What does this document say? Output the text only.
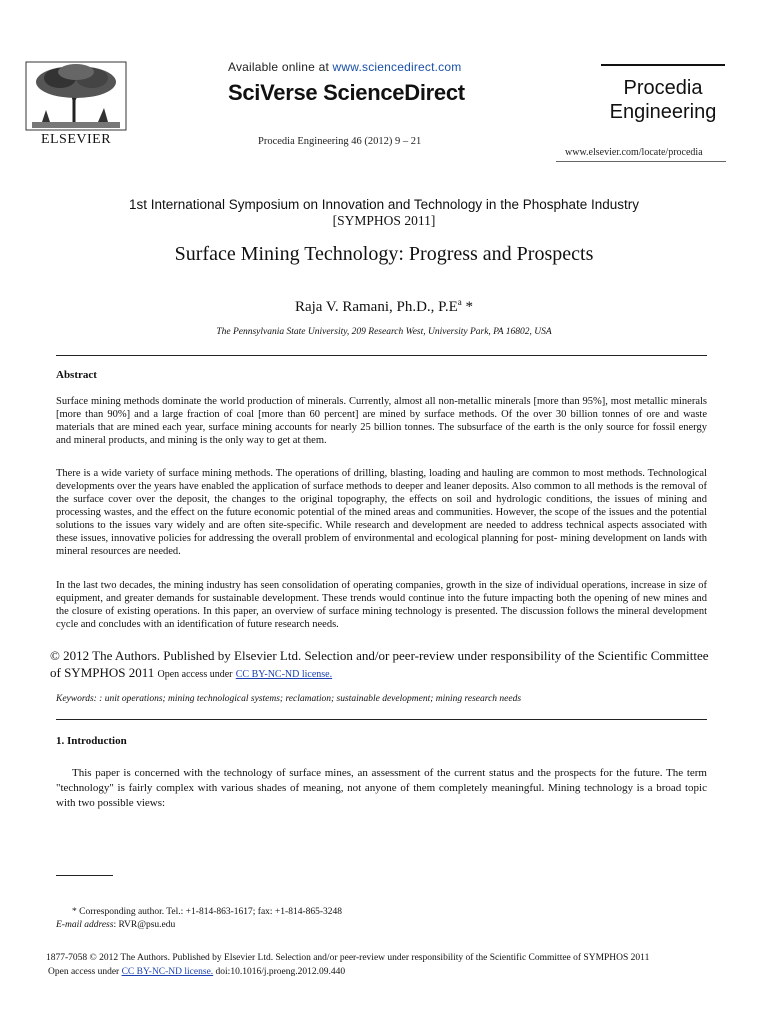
ELSEVIER
Available online at www.sciencedirect.com
SciVerse ScienceDirect
Procedia Engineering 46 (2012) 9 – 21
Procedia
Engineering
www.elsevier.com/locate/procedia
1st International Symposium on Innovation and Technology in the Phosphate Industry
[SYMPHOS 2011]
Surface Mining Technology: Progress and Prospects
Raja V. Ramani, Ph.D., $P.E^a$ *
The Pennsylvania State University, 209 Research West, University Park, PA 16802, USA
Abstract
Surface mining methods dominate the world production of minerals. Currently, almost all non-metallic minerals [more than 95%], most metallic minerals [more than 90%] and a large fraction of coal [more than 60 percent] are mined by surface methods. Of the over 30 billion tonnes of ore and waste materials that are mined each year, surface mining accounts for nearly 25 billion tonnes. The subsurface of the earth is the only source for fossil energy and mineral products, and mining is the only way to get at them.
There is a wide variety of surface mining methods. The operations of drilling, blasting, loading and hauling are common to most methods. Technological developments over the years have enabled the application of surface methods to deeper and leaner deposits. Also common to all methods is the removal of the surface cover over the deposit, the changes to the original topography, the effects on soil and hydrologic conditions, the issues of mining and processing wastes, and the effect on the future economic potential of the mined areas and communities. However, the scope of the issues and the potential solutions to the issues vary widely and are often site-specific. While research and development are needed to address technical aspects associated with these issues, innovative policies for addressing the overall problem of environmental and ecological planning for post- mining development on lands with mineral resources are needed.
In the last two decades, the mining industry has seen consolidation of operating companies, growth in the size of individual operations, increase in size of equipment, and greater demands for sustainable development. These trends would continue into the future impacting both the opening of new mines and the closure of existing operations. In this paper, an overview of surface mining technology is presented. The discussion follows the mineral development cycle and concludes with an identification of future research needs.
© 2012 The Authors. Published by Elsevier Ltd. Selection and/or peer-review under responsibility of the Scientific Committee of SYMPHOS 2011 Open access under CC BY-NC-ND license.
Keywords: : unit operations; mining technological systems; reclamation; sustainable development; mining research needs
1. Introduction
This paper is concerned with the technology of surface mines, an assessment of the current status and the prospects for the future. The term "technology" is fairly complex with various shades of meaning, not anyone of them completely meaningful. Mining technology is a broad topic with two possible views:
* Corresponding author. Tel.: +1-814-863-1617; fax: +1-814-865-3248
E-mail address: RVR@psu.edu
1877-7058 © 2012 The Authors. Published by Elsevier Ltd. Selection and/or peer-review under responsibility of the Scientific Committee of SYMPHOS 2011
Open access under CC BY-NC-ND license. doi:10.1016/j.proeng.2012.09.440
